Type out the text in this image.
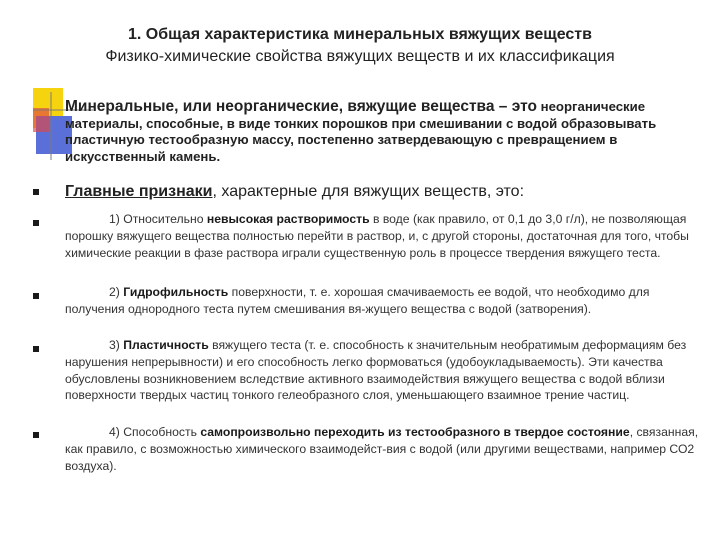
1. Общая характеристика минеральных вяжущих веществ
Физико-химические свойства вяжущих веществ и их классификация
Минеральные, или неорганические, вяжущие вещества – это неорганические материалы, способные, в виде тонких порошков при смешивании с водой образовывать пластичную тестообразную массу, постепенно затвердевающую с превращением в искусственный камень.
Главные признаки, характерные для вяжущих веществ, это:
1) Относительно невысокая растворимость в воде (как правило, от 0,1 до 3,0 г/л), не позволяющая порошку вяжущего вещества полностью перейти в раствор, и, с другой стороны, достаточная для того, чтобы химические реакции в фазе раствора играли существенную роль в процессе твердения вяжущего теста.
2) Гидрофильность поверхности, т. е. хорошая смачиваемость ее водой, что необходимо для получения однородного теста путем смешивания вя-жущего вещества с водой (затворения).
3) Пластичность вяжущего теста (т. е. способность к значительным необратимым деформациям без нарушения непрерывности) и его способность легко формоваться (удобоукладываемость). Эти качества обусловлены возникновением вследствие активного взаимодействия вяжущего вещества с водой вблизи поверхности твердых частиц тонкого гелеобразного слоя, уменьшающего взаимное трение частиц.
4) Способность самопроизвольно переходить из тестообразного в твердое состояние, связанная, как правило, с возможностью химического взаимодейст-вия с водой (или другими веществами, например СО2 воздуха).
